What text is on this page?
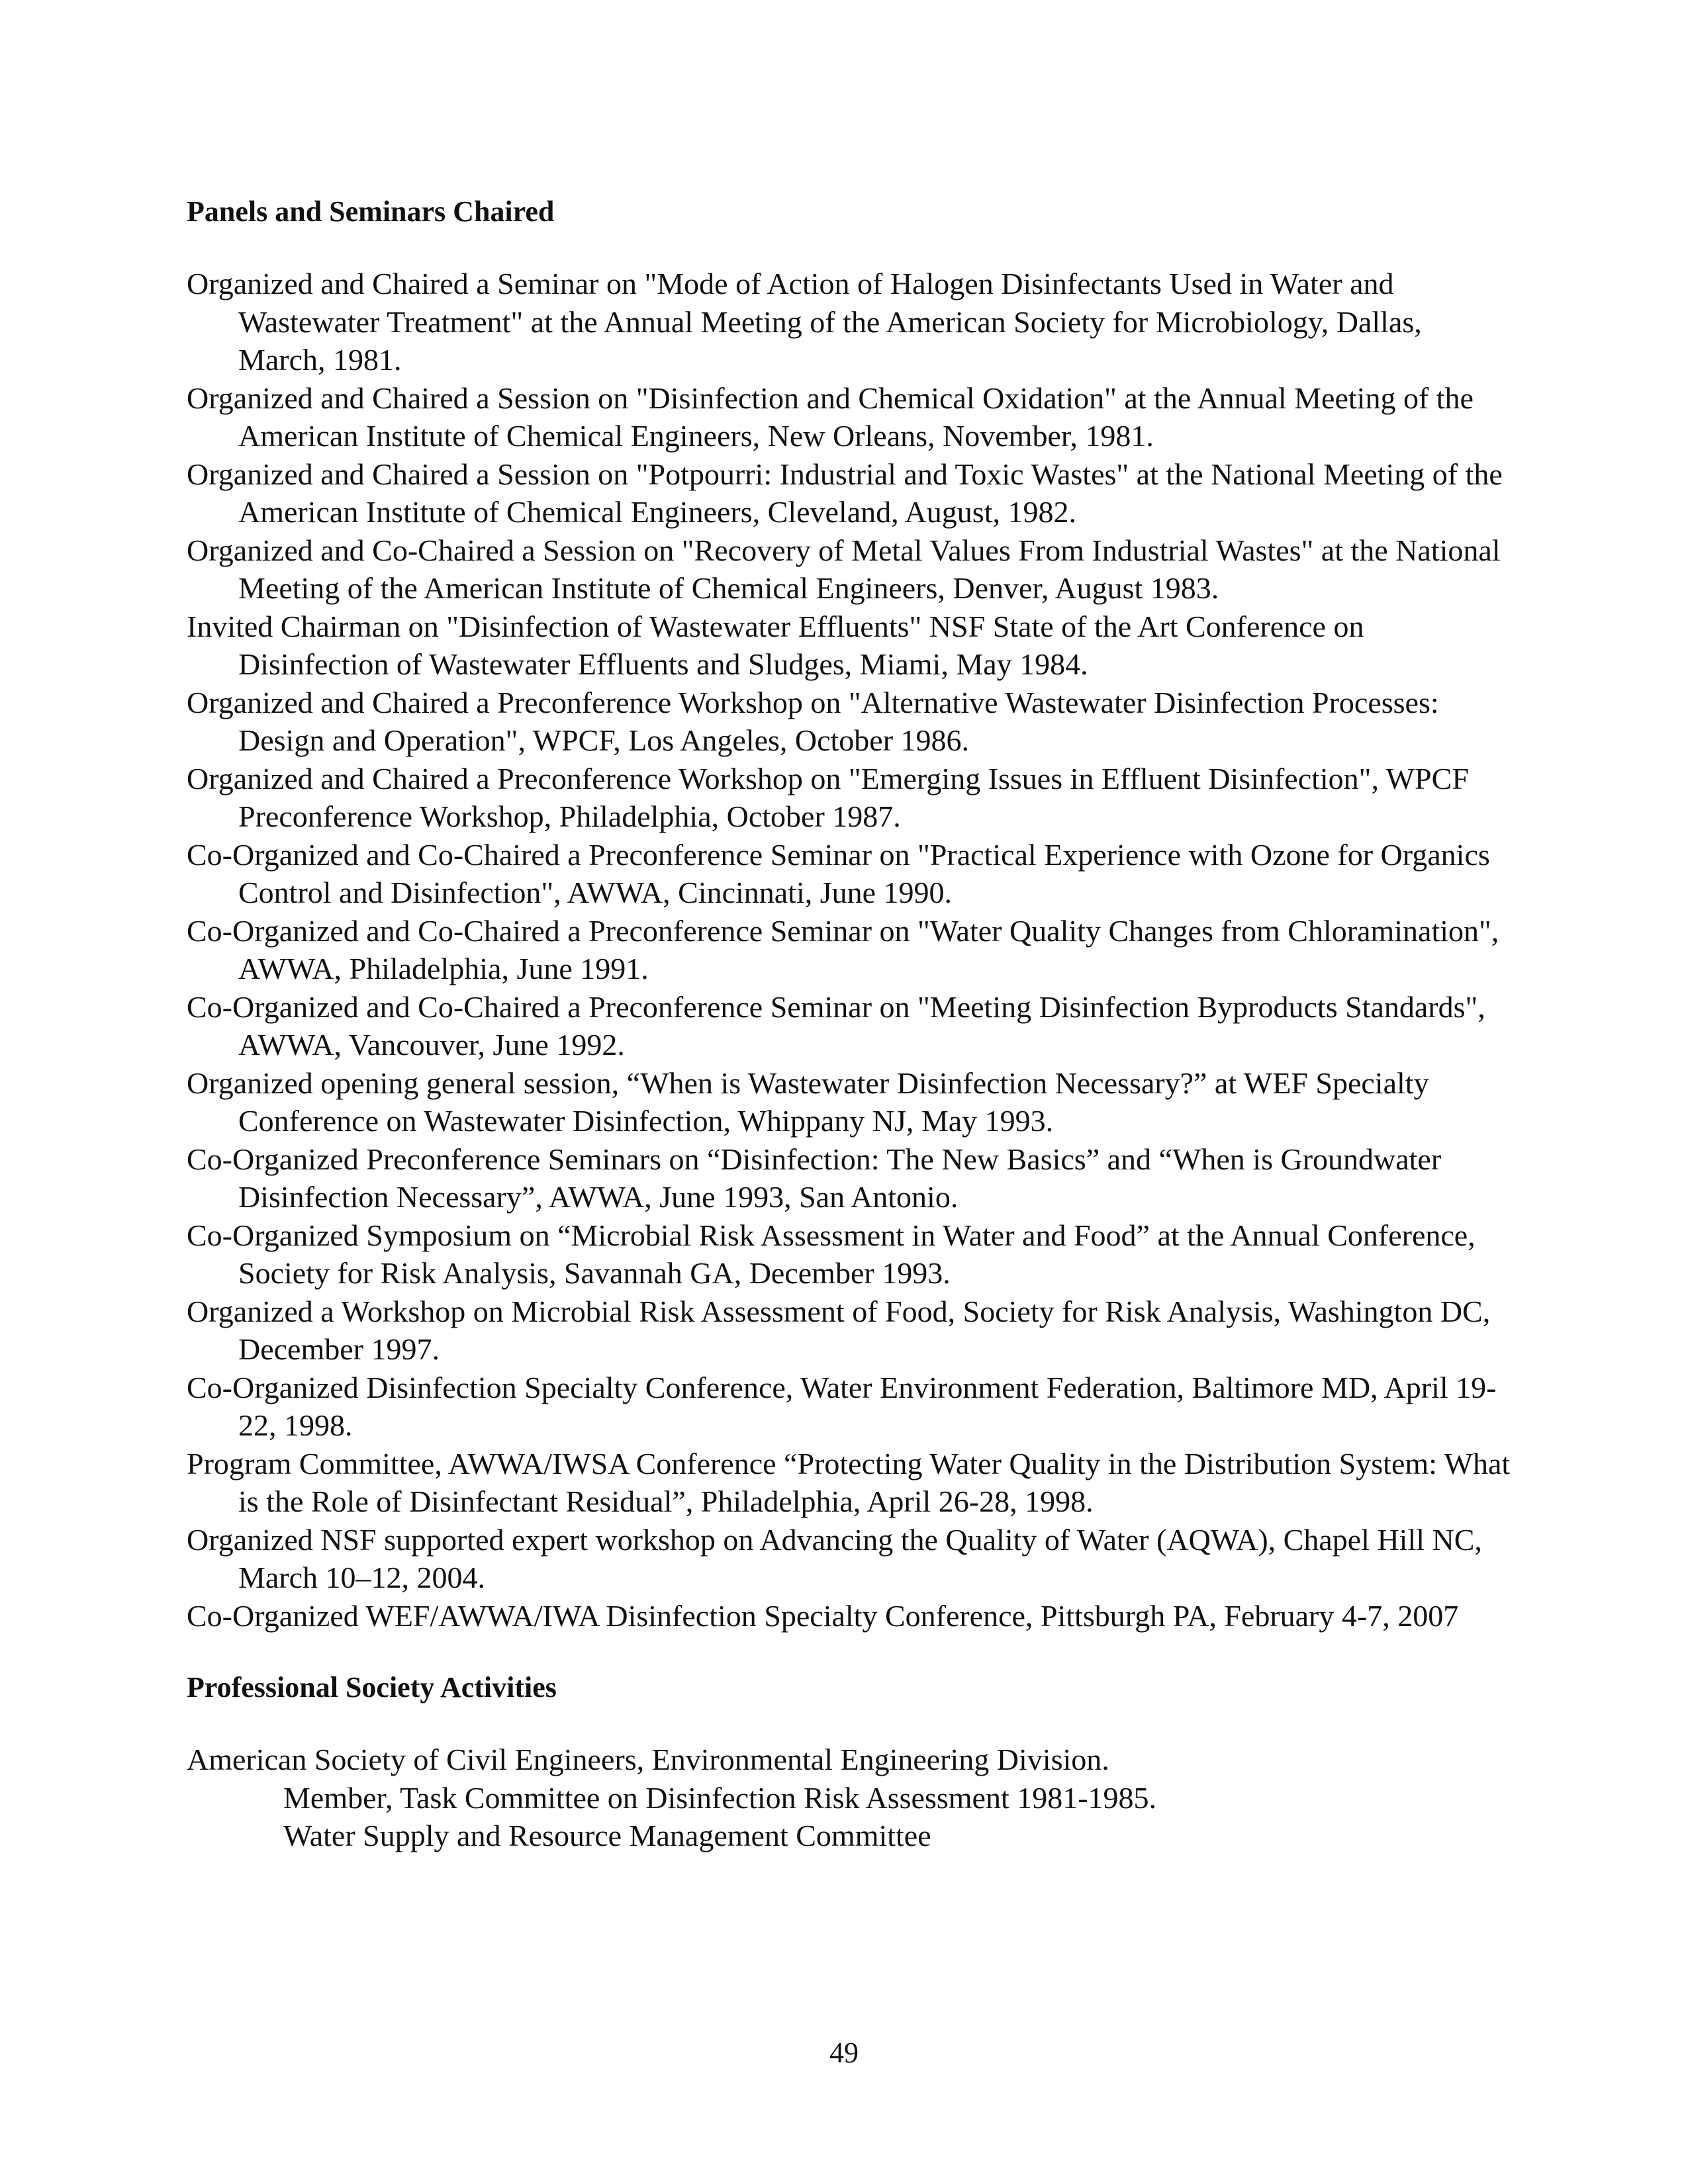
Panels and Seminars Chaired

Organized and Chaired a Seminar on "Mode of Action of Halogen Disinfectants Used in Water and Wastewater Treatment" at the Annual Meeting of the American Society for Microbiology, Dallas, March, 1981.

Organized and Chaired a Session on "Disinfection and Chemical Oxidation" at the Annual Meeting of the American Institute of Chemical Engineers, New Orleans, November, 1981.

Organized and Chaired a Session on "Potpourri: Industrial and Toxic Wastes" at the National Meeting of the American Institute of Chemical Engineers, Cleveland, August, 1982.

Organized and Co-Chaired a Session on "Recovery of Metal Values From Industrial Wastes" at the National Meeting of the American Institute of Chemical Engineers, Denver, August 1983.

Invited Chairman on "Disinfection of Wastewater Effluents" NSF State of the Art Conference on Disinfection of Wastewater Effluents and Sludges, Miami, May 1984.

Organized and Chaired a Preconference Workshop on "Alternative Wastewater Disinfection Processes: Design and Operation", WPCF, Los Angeles, October 1986.

Organized and Chaired a Preconference Workshop on "Emerging Issues in Effluent Disinfection", WPCF Preconference Workshop, Philadelphia, October 1987.

Co-Organized and Co-Chaired a Preconference Seminar on "Practical Experience with Ozone for Organics Control and Disinfection", AWWA, Cincinnati, June 1990.

Co-Organized and Co-Chaired a Preconference Seminar on "Water Quality Changes from Chloramination", AWWA, Philadelphia, June 1991.

Co-Organized and Co-Chaired a Preconference Seminar on "Meeting Disinfection Byproducts Standards", AWWA, Vancouver, June 1992.

Organized opening general session, “When is Wastewater Disinfection Necessary?” at WEF Specialty Conference on Wastewater Disinfection, Whippany NJ, May 1993.

Co-Organized Preconference Seminars on “Disinfection: The New Basics” and “When is Groundwater Disinfection Necessary”, AWWA, June 1993, San Antonio.

Co-Organized Symposium on “Microbial Risk Assessment in Water and Food” at the Annual Conference, Society for Risk Analysis, Savannah GA, December 1993.

Organized a Workshop on Microbial Risk Assessment of Food, Society for Risk Analysis, Washington DC, December 1997.

Co-Organized Disinfection Specialty Conference, Water Environment Federation, Baltimore MD, April 19-22, 1998.

Program Committee, AWWA/IWSA Conference “Protecting Water Quality in the Distribution System: What is the Role of Disinfectant Residual”, Philadelphia, April 26-28, 1998.

Organized NSF supported expert workshop on Advancing the Quality of Water (AQWA), Chapel Hill NC, March 10–12, 2004.

Co-Organized WEF/AWWA/IWA Disinfection Specialty Conference, Pittsburgh PA, February 4-7, 2007

Professional Society Activities

American Society of Civil Engineers, Environmental Engineering Division.

Member, Task Committee on Disinfection Risk Assessment 1981-1985.

Water Supply and Resource Management Committee

49
